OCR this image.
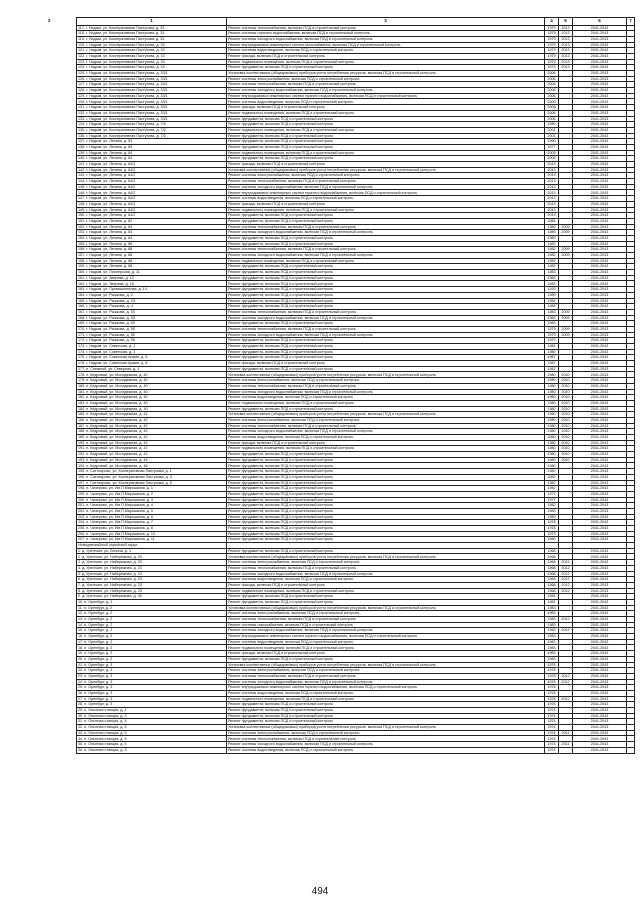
1	2 3	4	5	6	7
117. г. Надым, ул. Кооперативная Пастухова, д. 33	Ремонт системы теплоснабжения, включая ПСД и строительный контроль	1979	2013	2041-2043	
118. г. Надым, ул. Кооперативная Пастухова, д. 33	Ремонт системы горячего водоснабжения, включая ПСД и строительный контроль	1979	2013	2041-2043	
119. г. Надым, ул. Кооперативная Пастухова, д. 33	Ремонт системы холодного водоснабжения, включая ПСД и строительный контроль	1979	2013	2041-2043	
120. г. Надым, ул. Кооперативная Пастухова, д. 33	Ремонт внутридомовых инженерных систем газоснабжения, включая ПСД и строительный контроль	1979	2013	2041-2043	
121. г. Надым, ул. Кооперативная Пастухова, д. 33	Ремонт системы водоотведения, включая ПСД и строительный контроль	1979	2013	2041-2043	
122. г. Надым, ул. Кооперативная Пастухова, д. 33	Ремонт фасада, включая ПСД и строительный контроль	1979	2013	2041-2043	
123. г. Надым, ул. Кооперативная Пастухова, д. 33	Ремонт подвального помещения, включая ПСД и строительный контроль	1979	2013	2041-2043	
124. г. Надым, ул. Кооперативная Пастухова, д. 33	Ремонт фундамента, включая ПСД и строительный контроль	1979	2013	2041-2043	
125. г. Надым, ул. Кооперативная Пастухова, д. 33/1	Установка коллективных (общедомовых) приборов учета потребления ресурсов, включая ПСД и строительный контроль	2006		2041-2043	
126. г. Надым, ул. Кооперативная Пастухова, д. 33/1	Ремонт системы электроснабжения, включая ПСД и строительный контроль	2006		2041-2043	
127. г. Надым, ул. Кооперативная Пастухова, д. 33/1	Ремонт системы теплоснабжения, включая ПСД и строительный контроль	2006		2041-2043	
128. г. Надым, ул. Кооперативная Пастухова, д. 33/1	Ремонт системы холодного водоснабжения, включая ПСД и строительный контроль	2006		2041-2043	
129. г. Надым, ул. Кооперативная Пастухова, д. 33/1	Ремонт внутридомовых инженерных систем горячего водоснабжения, включая ПСД и строительный контроль	2006		2041-2043	
130. г. Надым, ул. Кооперативная Пастухова, д. 33/1	Ремонт системы водоотведения, включая ПСД и строительный контроль	2006		2041-2043	
131. г. Надым, ул. Кооперативная Пастухова, д. 33/1	Ремонт фасада, включая ПСД и строительный контроль	2006		2041-2043	
132. г. Надым, ул. Кооперативная Пастухова, д. 33/1	Ремонт подвального помещения, включая ПСД и строительный контроль	2006		2041-2043	
133. г. Надым, ул. Кооперативная Пастухова, д. 33/1	Ремонт фундамента, включая ПСД и строительный контроль	2006		2041-2043	
134. г. Надым, ул. Кооперативная Пастухова, д. 7/4	Ремонт фундамента, включая ПСД и строительный контроль	1980		2041-2043	
135. г. Надым, ул. Кооперативная Пастухова, д. 7/2	Ремонт подвального помещения, включая ПСД и строительный контроль	2001		2041-2043	
136. г. Надым, ул. Кооперативная Пастухова, д. 7/2	Ремонт фундамента, включая ПСД и строительный контроль	2001		2041-2043	
137. г. Надым, ул. Ленина, д. 53	Ремонт фундамента, включая ПСД и строительный контроль	1990		2041-2043	
138. г. Надым, ул. Ленина, д. 63	Ремонт фундамента, включая ПСД и строительный контроль	1977		2041-2043	
139. г. Надым, ул. Ленина, д. 64	Ремонт подвального помещения, включая ПСД и строительный контроль	2005		2041-2043	
140. г. Надым, ул. Ленина, д. 64	Ремонт фундамента, включая ПСД и строительный контроль	2005		2041-2043	
141. г. Надым, ул. Ленина, д. 64/2	Ремонт фасада, включая ПСД и строительный контроль	2013		2041-2043	
142. г. Надым, ул. Ленина, д. 64/2	Установка коллективных (общедомовых) приборов учета потребления ресурсов, включая ПСД и строительный контроль	2013		2041-2043	
143. г. Надым, ул. Ленина, д. 64/2	Ремонт системы электроснабжения, включая ПСД и строительный контроль	2013		2041-2043	
144. г. Надым, ул. Ленина, д. 64/2	Ремонт системы теплоснабжения, включая ПСД и строительный контроль	2013		2041-2043	
145. г. Надым, ул. Ленина, д. 64/2	Ремонт системы холодного водоснабжения, включая ПСД и строительный контроль	2013		2041-2043	
146. г. Надым, ул. Ленина, д. 64/2	Ремонт внутридомовых инженерных систем горячего водоснабжения, включая ПСД и строительный контроль	2013		2041-2043	
147. г. Надым, ул. Ленина, д. 64/2	Ремонт системы водоотведения, включая ПСД и строительный контроль	2013		2041-2043	
148. г. Надым, ул. Ленина, д. 64/2	Ремонт фасада, включая ПСД и строительный контроль	2013		2041-2043	
149. г. Надым, ул. Ленина, д. 64/2	Ремонт подвального помещения, включая ПСД и строительный контроль	2013		2041-2043	
150. г. Надым, ул. Ленина, д. 64/2	Ремонт фундамента, включая ПСД и строительный контроль	2013		2041-2043	
151. г. Надым, ул. Ленина, д. 82	Ремонт фундамента, включая ПСД и строительный контроль	1984		2041-2043	
152. г. Надым, ул. Ленина, д. 84	Ремонт системы теплоснабжения, включая ПСД и строительный контроль	1989	2009	2041-2043	
153. г. Надым, ул. Ленина, д. 84	Ремонт системы холодного водоснабжения, включая ПСД и строительный контроль	1989	2009	2041-2043	
154. г. Надым, ул. Ленина, д. 84	Ремонт фундамента, включая ПСД и строительный контроль	1989		2041-2043	
155. г. Надым, ул. Ленина, д. 86	Ремонт фундамента, включая ПСД и строительный контроль	1982		2041-2043	
156. г. Надым, ул. Ленина, д. 88	Ремонт системы теплоснабжения, включая ПСД и строительный контроль	1982	2009	2041-2043	
157. г. Надым, ул. Ленина, д. 88	Ремонт системы холодного водоснабжения, включая ПСД и строительный контроль	1982	2009	2041-2043	
158. г. Надым, ул. Ленина, д. 88	Ремонт подвального помещения, включая ПСД и строительный контроль	1982		2041-2043	
159. г. Надым, ул. Ленина, д. 88	Ремонт фундамента, включая ПСД и строительный контроль	1982		2041-2043	
160. г. Надым, ул. Пионерская, д. 11	Ремонт фундамента, включая ПСД и строительный контроль	1983		2041-2043	
161. г. Надым, ул. Зверева, д. 13	Ремонт фундамента, включая ПСД и строительный контроль	1983		2041-2043	
162. г. Надым, ул. Зверева, д. 15	Ремонт фундамента, включая ПСД и строительный контроль	1983		2041-2043	
163. г. Надым, ул. Промышленная, д. 14	Ремонт фундамента, включая ПСД и строительный контроль	1976		2041-2043	
164. г. Надым, ул. Рыжкова, д. 2	Ремонт фундамента, включая ПСД и строительный контроль	1989		2041-2043	
165. г. Надым, ул. Рыжкова, д. 2/1	Ремонт фундамента, включая ПСД и строительный контроль	1984		2041-2043	
166. г. Надым, ул. Рыжкова, д. 4	Ремонт фундамента, включая ПСД и строительный контроль	1984		2041-2043	
167. г. Надым, ул. Рыжкова, д. 53	Ремонт системы теплоснабжения, включая ПСД и строительный контроль	1983	2009	2041-2043	
168. г. Надым, ул. Рыжкова, д. 53	Ремонт системы холодного водоснабжения, включая ПСД и строительный контроль	1983	2009	2041-2043	
169. г. Надым, ул. Рыжкова, д. 53	Ремонт фундамента, включая ПСД и строительный контроль	1983		2041-2043	
170. г. Надым, ул. Рыжкова, д. 55	Ремонт системы теплоснабжения, включая ПСД и строительный контроль	1979	2009	2041-2043	
171. г. Надым, ул. Рыжкова, д. 55	Ремонт системы холодного водоснабжения, включая ПСД и строительный контроль	1979	2009	2041-2043	
172. г. Надым, ул. Рыжкова, д. 55	Ремонт фундамента, включая ПСД и строительный контроль	1979		2041-2043	
173. г. Надым, ул. Советская, д. 1	Ремонт фундамента, включая ПСД и строительный контроль	1981		2041-2043	
174. г. Надым, ул. Советская, д. 3	Ремонт фундамента, включая ПСД и строительный контроль	1980		2041-2043	
175. г. Надым, ул. Советская Армия, д. 8	Ремонт фундамента, включая ПСД и строительный контроль	1987		2041-2043	
176. г. Надым, ул. Советская Армия, д. 8	Ремонт фасада, включая ПСД и строительный контроль	1987		2041-2043	
177. п. Снежный, ул. Северная, д. 1	Ремонт фундамента, включая ПСД и строительный контроль	1987		2041-2043	
178. п. Кедровый, ул. Молодежная, д. 40	Установка коллективных (общедомовых) приборов учета потребления ресурсов, включая ПСД и строительный контроль	1980	2010	2041-2043	
179. п. Кедровый, ул. Молодежная, д. 40	Ремонт системы электроснабжения, включая ПСД и строительный контроль	1980	2010	2041-2043	
180. п. Кедровый, ул. Молодежная, д. 40	Ремонт системы теплоснабжения, включая ПСД и строительный контроль	1980	2010	2041-2043	
181. п. Кедровый, ул. Молодежная, д. 40	Ремонт системы холодного водоснабжения, включая ПСД и строительный контроль	1980	2010	2041-2043	
182. п. Кедровый, ул. Молодежная, д. 40	Ремонт системы водоотведения, включая ПСД и строительный контроль	1980	2010	2041-2043	
183. п. Кедровый, ул. Молодежная, д. 40	Ремонт подвального помещения, включая ПСД и строительный контроль	1980	2010	2041-2043	
184. п. Кедровый, ул. Молодежная, д. 40	Ремонт фундамента, включая ПСД и строительный контроль	1980	2010	2041-2043	
185. п. Кедровый, ул. Молодежная, д. 42	Установка коллективных (общедомовых) приборов учета потребления ресурсов, включая ПСД и строительный контроль	1980	2010	2041-2043	
186. п. Кедровый, ул. Молодежная, д. 42	Ремонт системы электроснабжения, включая ПСД и строительный контроль	1980	2010	2041-2043	
187. п. Кедровый, ул. Молодежная, д. 42	Ремонт системы теплоснабжения, включая ПСД и строительный контроль	1980	2010	2041-2043	
188. п. Кедровый, ул. Молодежная, д. 42	Ремонт системы холодного водоснабжения, включая ПСД и строительный контроль	1980	2010	2041-2043	
189. п. Кедровый, ул. Молодежная, д. 42	Ремонт системы водоотведения, включая ПСД и строительный контроль	1980	2010	2041-2043	
190. п. Кедровый, ул. Молодежная, д. 42	Ремонт фасада, включая ПСД и строительный контроль	1980	2010	2041-2043	
191. п. Кедровый, ул. Молодежная, д. 42	Ремонт подвального помещения, включая ПСД и строительный контроль	1980	2010	2041-2043	
192. п. Кедровый, ул. Молодежная, д. 42	Ремонт фундамента, включая ПСД и строительный контроль	1980	2010	2041-2043	
193. п. Кедровый, ул. Молодежная, д. 44	Ремонт фундамента, включая ПСД и строительный контроль	1980	2010	2041-2043	
194. п. Кедровый, ул. Молодежная, д. 46	Ремонт фундамента, включая ПСД и строительный контроль	1980		2041-2043	
195. п. Саттиярово, ул. Кооперативная Пастухова, д. 1	Ремонт фундамента, включая ПСД и строительный контроль	1982		2041-2043	
196. п. Саттиярово, ул. Кооперативная Пастухова, д. 3	Ремонт фундамента, включая ПСД и строительный контроль	1982		2041-2043	
197. п. Саттиярово, ул. Кооперативная Пастухова, д. 5	Ремонт фундамента, включая ПСД и строительный контроль	1982		2041-2043	
198. п. Чичерово, ул. Им.П.Мирошкина, д. 1	Ремонт фундамента, включая ПСД и строительный контроль	1982		2041-2043	
199. п. Чичерово, ул. Им.П.Мирошкина, д. 2	Ремонт фундамента, включая ПСД и строительный контроль	1977		2041-2043	
200. п. Чичерово, ул. Им.П.Мирошкина, д. 3	Ремонт фундамента, включая ПСД и строительный контроль	1977		2041-2043	
201. п. Чичерово, ул. Им.П.Мирошкина, д. 4	Ремонт фундамента, включая ПСД и строительный контроль	1982		2041-2043	
202. п. Чичерово, ул. Им.П.Мирошкина, д. 5	Ремонт фундамента, включая ПСД и строительный контроль	1983		2041-2043	
203. п. Чичерово, ул. Им.П.Мирошкина, д. 6	Ремонт фундамента, включая ПСД и строительный контроль	1980		2041-2043	
204. п. Чичерово, ул. Им.П.Мирошкина, д. 7	Ремонт фундамента, включая ПСД и строительный контроль	1978		2041-2043	
205. п. Чичерово, ул. Им.П.Мирошкина, д. 8	Ремонт фундамента, включая ПСД и строительный контроль	1978		2041-2043	
206. п. Чичерово, ул. Им.П.Мирошкина, д. 10	Ремонт фундамента, включая ПСД и строительный контроль	1979		2041-2043	
207. п. Чичерово, ул. Им.П.Мирошкина, д. 11	Ремонт фундамента, включая ПСД и строительный контроль	1980		2041-2043	
Новоуренгойский городской округ					
1. д. Уренгоин, ул. Ленина, д. 1	Ремонт фундамента, включая ПСД и строительный контроль	1968		2041-2043	
2. д. Уренгоин, ул. Набережная, д. 20	Установка коллективных (общедомовых) приборов учета потребления ресурсов, включая ПСД и строительный контроль	1968		2041-2043	
3. д. Уренгоин, ул. Набережная, д. 23	Ремонт системы электроснабжения, включая ПСД и строительный контроль	1968	2012	2041-2043	
4. д. Уренгоин, ул. Набережная, д. 23	Ремонт системы теплоснабжения, включая ПСД и строительный контроль	1968	2012	2041-2043	
5. д. Уренгоин, ул. Набережная, д. 23	Ремонт системы холодного водоснабжения, включая ПСД и строительный контроль	1968	2012	2041-2043	
6. д. Уренгоин, ул. Набережная, д. 23	Ремонт системы водоотведения, включая ПСД и строительный контроль	1968	2012	2041-2043	
7. д. Уренгоин, ул. Набережная, д. 23	Ремонт фасада, включая ПСД и строительный контроль	1968	2012	2041-2043	
8. д. Уренгоин, ул. Набережная, д. 23	Ремонт подвального помещения, включая ПСД и строительный контроль	1968	2012	2041-2043	
9. д. Уренгоин, ул. Набережная, д. 40	Ремонт фундамента, включая ПСД и строительный контроль	1981		2041-2043	
10. п. Оренбург, д. 1	Ремонт фундамента, включая ПСД и строительный контроль	1981		2041-2043	
11. п. Оренбург, д. 2	Установка коллективных (общедомовых) приборов учета потребления ресурсов, включая ПСД и строительный контроль	1983		2041-2043	
12. п. Оренбург, д. 2	Ремонт системы электроснабжения, включая ПСД и строительный контроль	1983		2041-2043	
13. п. Оренбург, д. 2	Ремонт системы теплоснабжения, включая ПСД и строительный контроль	1983	2012	2041-2043	
14. п. Оренбург, д. 2	Ремонт системы газоснабжения, включая ПСД и строительный контроль	1983		2041-2043	
15. п. Оренбург, д. 2	Ремонт системы холодного водоснабжения, включая ПСД и строительный контроль	1983	2012	2041-2043	
16. п. Оренбург, д. 2	Ремонт внутридомовых инженерных систем горячего водоснабжения, включая ПСД и строительный контроль	1983		2041-2043	
17. п. Оренбург, д. 2	Ремонт системы водоотведения, включая ПСД и строительный контроль	1983		2041-2043	
18. п. Оренбург, д. 2	Ремонт подвального помещения, включая ПСД и строительный контроль	1983		2041-2043	
19. п. Оренбург, д. 2	Ремонт фасада, включая ПСД и строительный контроль	1983		2041-2043	
20. п. Оренбург, д. 2	Ремонт фундамента, включая ПСД и строительный контроль	1983		2041-2043	
21. п. Оренбург, д. 3	Установка коллективных (общедомовых) приборов учета потребления ресурсов, включая ПСД и строительный контроль	1978		2041-2043	
22. п. Оренбург, д. 3	Ремонт системы электроснабжения, включая ПСД и строительный контроль	1978		2041-2043	
23. п. Оренбург, д. 3	Ремонт системы теплоснабжения, включая ПСД и строительный контроль	1978	2012	2041-2043	
24. п. Оренбург, д. 3	Ремонт системы холодного водоснабжения, включая ПСД и строительный контроль	1978	2012	2041-2043	
25. п. Оренбург, д. 3	Ремонт внутридомовых инженерных систем горячего водоснабжения, включая ПСД и строительный контроль	1978		2041-2043	
26. п. Оренбург, д. 3	Ремонт системы водоотведения, включая ПСД и строительный контроль	1978		2041-2043	
27. п. Оренбург, д. 3	Ремонт подвального помещения, включая ПСД и строительный контроль	1978	2012	2041-2043	
28. п. Оренбург, д. 3	Ремонт фундамента, включая ПСД и строительный контроль	1978		2041-2043	
29. п. Опытная станция, д. 1	Ремонт фундамента, включая ПСД и строительный контроль	1974		2041-2043	
30. п. Опытная станция, д. 2	Ремонт фундамента, включая ПСД и строительный контроль	1974		2041-2043	
31. п. Опытная станция, д. 4	Ремонт фундамента, включая ПСД и строительный контроль	1974		2041-2043	
32. п. Опытная станция, д. 5	Установка коллективных (общедомовых) приборов учета потребления ресурсов, включая ПСД и строительный контроль	1974		2041-2043	
33. п. Опытная станция, д. 5	Ремонт системы электроснабжения, включая ПСД и строительный контроль	1974	2011	2041-2043	
34. п. Опытная станция, д. 5	Ремонт системы теплоснабжения, включая ПСД и строительный контроль	1974		2041-2043	
35. п. Опытная станция, д. 5	Ремонт системы холодного водоснабжения, включая ПСД и строительный контроль	1974	2011	2041-2043	
36. п. Опытная станция, д. 5	Ремонт системы водоотведения, включая ПСД и строительный контроль	1974		2041-2043	
494
